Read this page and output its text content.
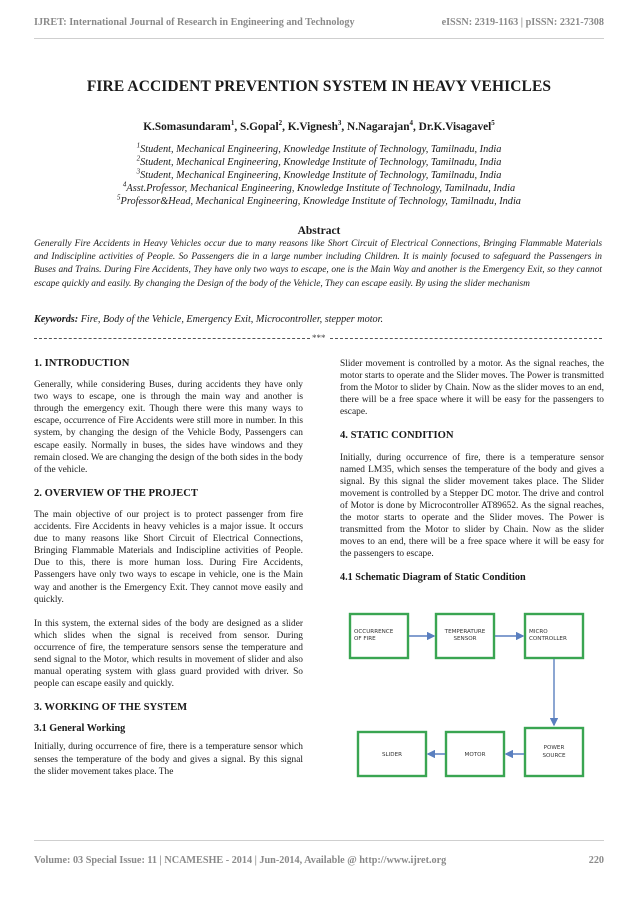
IJRET: International Journal of Research in Engineering and Technology	eISSN: 2319-1163 | pISSN: 2321-7308
FIRE ACCIDENT PREVENTION SYSTEM IN HEAVY VEHICLES
K.Somasundaram$^1$, S.Gopal$^2$, K.Vignesh$^3$, N.Nagarajan$^4$, Dr.K.Visagavel$^5$
$^1$Student, Mechanical Engineering, Knowledge Institute of Technology, Tamilnadu, India
$^2$Student, Mechanical Engineering, Knowledge Institute of Technology, Tamilnadu, India
$^3$Student, Mechanical Engineering, Knowledge Institute of Technology, Tamilnadu, India
$^4$Asst.Professor, Mechanical Engineering, Knowledge Institute of Technology, Tamilnadu, India
$^5$Professor&Head, Mechanical Engineering, Knowledge Institute of Technology, Tamilnadu, India
Abstract
Generally Fire Accidents in Heavy Vehicles occur due to many reasons like Short Circuit of Electrical Connections, Bringing Flammable Materials and Indiscipline activities of People. So Passengers die in a large number including Children. It is mainly focused to safeguard the Passengers in Buses and Trains. During Fire Accidents, They have only two ways to escape, one is the Main Way and another is the Emergency Exit, so they cannot escape quickly and easily. By changing the Design of the body of the Vehicle, They can escape easily. By using the slider mechanism
Keywords: Fire, Body of the Vehicle, Emergency Exit, Microcontroller, stepper motor.
***
1. INTRODUCTION

Generally, while considering Buses, during accidents they have only two ways to escape, one is through the main way and another is through the emergency exit. Though there were this many ways to escape, occurrence of Fire Accidents were still more in number. In this system, by changing the design of the Vehicle Body, Passengers can escape easily. Normally in buses, the sides have windows and they remain closed. We are changing the design of the both sides in the body of the vehicle.

2. OVERVIEW OF THE PROJECT

The main objective of our project is to protect passenger from fire accidents. Fire Accidents in heavy vehicles is a major issue. It occurs due to many reasons like Short Circuit of Electrical Connections, Bringing Flammable Materials and Indiscipline activities of People. Due to this, there is more human loss. During Fire Accidents, Passengers have only two ways to escape in vehicle, one is the Main way and another is the Emergency Exit. They cannot move easily and quickly.

In this system, the external sides of the body are designed as a slider which slides when the signal is received from sensor. During occurrence of fire, the temperature sensors sense the temperature and send signal to the Motor, which results in movement of slider and also manual operating system with glass guard provided with driver. So people can escape easily and quickly.

3. WORKING OF THE SYSTEM
3.1 General Working

Initially, during occurrence of fire, there is a temperature sensor which senses the temperature of the body and gives a signal. By this signal the slider movement takes place. The

Slider movement is controlled by a motor. As the signal reaches, the motor starts to operate and the Slider moves. The Power is transmitted from the Motor to slider by Chain. Now as the slider moves to an end, there will be a free space where it will be easy for the passengers to escape.

4. STATIC CONDITION

Initially, during occurrence of fire, there is a temperature sensor named LM35, which senses the temperature of the body and gives a signal. By this signal the slider movement takes place. The Slider movement is controlled by a Stepper DC motor. The drive and control of Motor is done by Microcontroller AT89652. As the signal reaches, the motor starts to operate and the Slider moves. The Power is transmitted from the Motor to slider by Chain. Now as the slider moves to an end, there will be a free space where it will be easy for the passengers to escape.

4.1 Schematic Diagram of Static Condition
OCCURRENCE
OF FIRE
TEMPERATURE
SENSOR
MICRO
CONTROLLER
SLIDER	MOTOR
POWER
SOURCE
Volume: 03 Special Issue: 11 | NCAMESHE - 2014 | Jun-2014, Available @ http://www.ijret.org	220
